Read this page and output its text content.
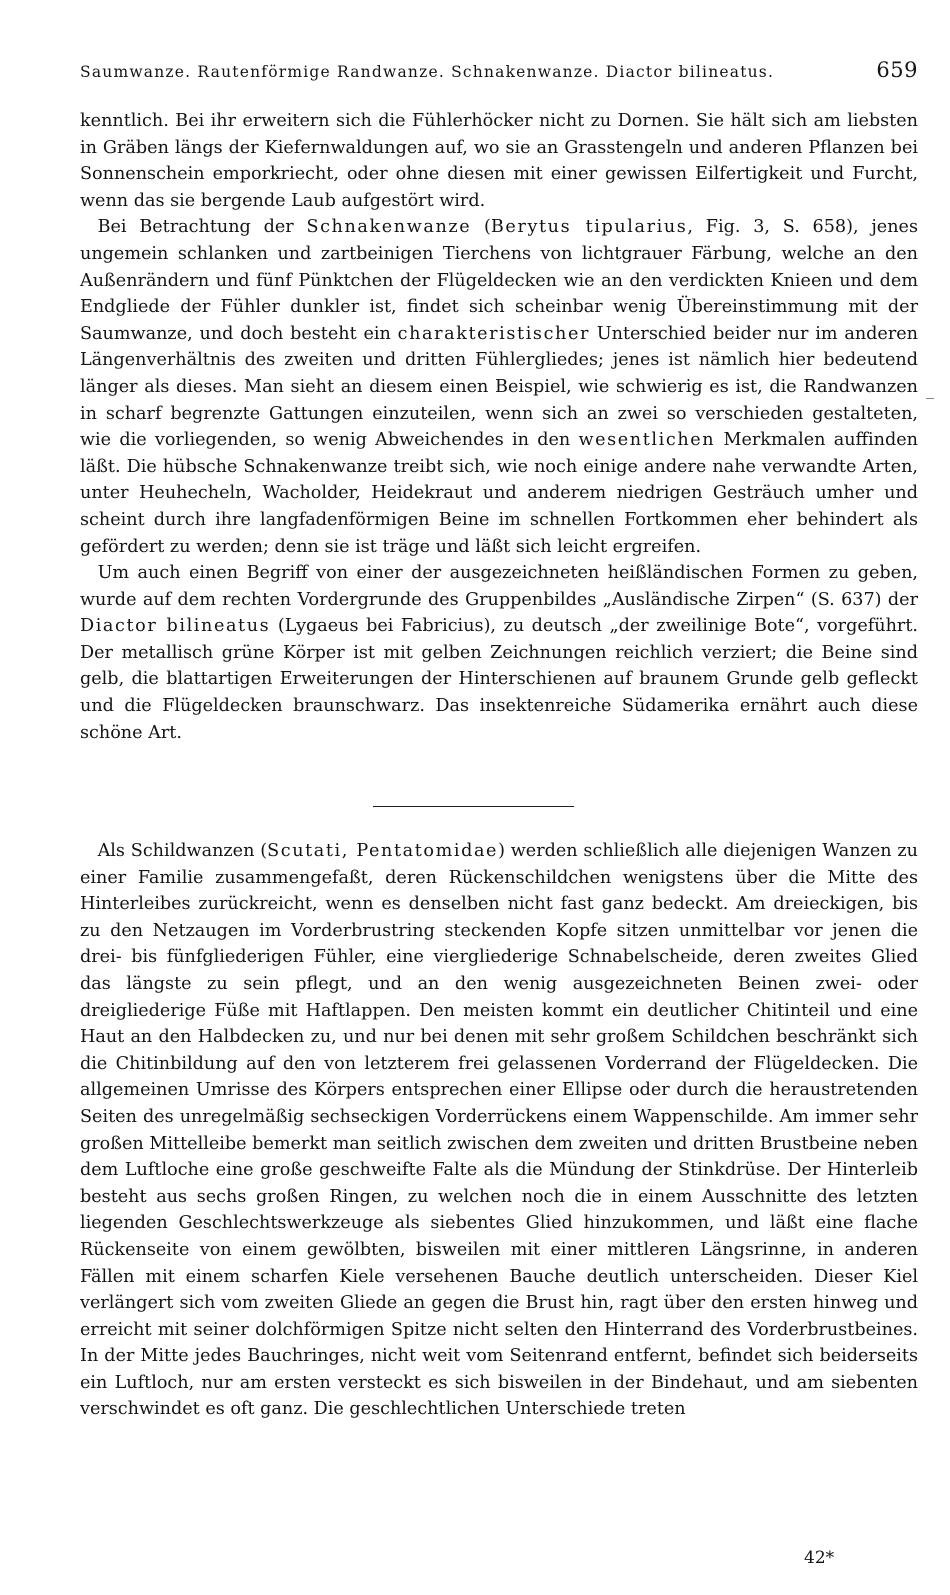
Saumwanze. Rautenförmige Randwanze. Schnakenwanze. Diactor bilineatus.	659

kenntlich. Bei ihr erweitern sich die Fühlerhöcker nicht zu Dornen. Sie hält sich am liebsten in Gräben längs der Kiefernwaldungen auf, wo sie an Grasstengeln und anderen Pflanzen bei Sonnenschein emporkriecht, oder ohne diesen mit einer gewissen Eilfertigkeit und Furcht, wenn das sie bergende Laub aufgestört wird.

  Bei Betrachtung der Schnakenwanze (Berytus tipularius, Fig. 3, S. 658), jenes ungemein schlanken und zartbeinigen Tierchens von lichtgrauer Färbung, welche an den Außenrändern und fünf Pünktchen der Flügeldecken wie an den verdickten Knieen und dem Endgliede der Fühler dunkler ist, findet sich scheinbar wenig Übereinstimmung mit der Saumwanze, und doch besteht ein charakteristischer Unterschied beider nur im anderen Längenverhältnis des zweiten und dritten Fühlergliedes; jenes ist nämlich hier bedeutend länger als dieses. Man sieht an diesem einen Beispiel, wie schwierig es ist, die Randwanzen in scharf begrenzte Gattungen einzuteilen, wenn sich an zwei so verschieden gestalteten, wie die vorliegenden, so wenig Abweichendes in den wesentlichen Merkmalen auffinden läßt. Die hübsche Schnakenwanze treibt sich, wie noch einige andere nahe verwandte Arten, unter Heuhecheln, Wacholder, Heidekraut und anderem niedrigen Gesträuch umher und scheint durch ihre langfadenförmigen Beine im schnellen Fortkommen eher behindert als gefördert zu werden; denn sie ist träge und läßt sich leicht ergreifen.

  Um auch einen Begriff von einer der ausgezeichneten heißländischen Formen zu geben, wurde auf dem rechten Vordergrunde des Gruppenbildes „Ausländische Zirpen“ (S. 637) der Diactor bilineatus (Lygaeus bei Fabricius), zu deutsch „der zweilinige Bote“, vorgeführt. Der metallisch grüne Körper ist mit gelben Zeichnungen reichlich verziert; die Beine sind gelb, die blattartigen Erweiterungen der Hinterschienen auf braunem Grunde gelb gefleckt und die Flügeldecken braunschwarz. Das insektenreiche Südamerika ernährt auch diese schöne Art.

  Als Schildwanzen (Scutati, Pentatomidae) werden schließlich alle diejenigen Wanzen zu einer Familie zusammengefaßt, deren Rückenschildchen wenigstens über die Mitte des Hinterleibes zurückreicht, wenn es denselben nicht fast ganz bedeckt. Am dreieckigen, bis zu den Netzaugen im Vorderbrustring steckenden Kopfe sitzen unmittelbar vor jenen die drei- bis fünfgliederigen Fühler, eine viergliederige Schnabelscheide, deren zweites Glied das längste zu sein pflegt, und an den wenig ausgezeichneten Beinen zwei- oder dreigliederige Füße mit Haftlappen. Den meisten kommt ein deutlicher Chitinteil und eine Haut an den Halbdecken zu, und nur bei denen mit sehr großem Schildchen beschränkt sich die Chitinbildung auf den von letzterem frei gelassenen Vorderrand der Flügeldecken. Die allgemeinen Umrisse des Körpers entsprechen einer Ellipse oder durch die heraustretenden Seiten des unregelmäßig sechseckigen Vorderrückens einem Wappenschilde. Am immer sehr großen Mittelleibe bemerkt man seitlich zwischen dem zweiten und dritten Brustbeine neben dem Luftloche eine große geschweifte Falte als die Mündung der Stinkdrüse. Der Hinterleib besteht aus sechs großen Ringen, zu welchen noch die in einem Ausschnitte des letzten liegenden Geschlechtswerkzeuge als siebentes Glied hinzukommen, und läßt eine flache Rückenseite von einem gewölbten, bisweilen mit einer mittleren Längsrinne, in anderen Fällen mit einem scharfen Kiele versehenen Bauche deutlich unterscheiden. Dieser Kiel verlängert sich vom zweiten Gliede an gegen die Brust hin, ragt über den ersten hinweg und erreicht mit seiner dolchförmigen Spitze nicht selten den Hinterrand des Vorderbrustbeines. In der Mitte jedes Bauchringes, nicht weit vom Seitenrand entfernt, befindet sich beiderseits ein Luftloch, nur am ersten versteckt es sich bisweilen in der Bindehaut, und am siebenten verschwindet es oft ganz. Die geschlechtlichen Unterschiede treten

42*
